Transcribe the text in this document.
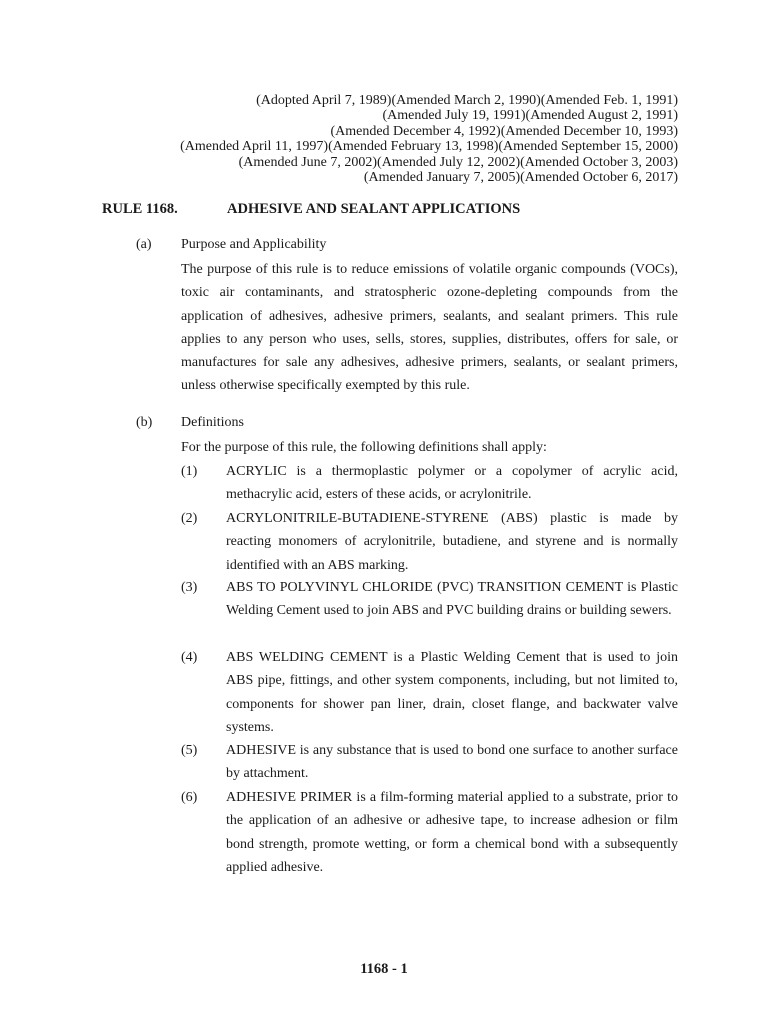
(Adopted April 7, 1989)(Amended March 2, 1990)(Amended Feb. 1, 1991)
(Amended July 19, 1991)(Amended August 2, 1991)
(Amended December 4, 1992)(Amended December 10, 1993)
(Amended April 11, 1997)(Amended February 13, 1998)(Amended September 15, 2000)
(Amended June 7, 2002)(Amended July 12, 2002)(Amended October 3, 2003)
(Amended January 7, 2005)(Amended October 6, 2017)
RULE 1168.	ADHESIVE AND SEALANT APPLICATIONS
(a) Purpose and Applicability
The purpose of this rule is to reduce emissions of volatile organic compounds (VOCs), toxic air contaminants, and stratospheric ozone-depleting compounds from the application of adhesives, adhesive primers, sealants, and sealant primers. This rule applies to any person who uses, sells, stores, supplies, distributes, offers for sale, or manufactures for sale any adhesives, adhesive primers, sealants, or sealant primers, unless otherwise specifically exempted by this rule.
(b) Definitions
For the purpose of this rule, the following definitions shall apply:
(1) ACRYLIC is a thermoplastic polymer or a copolymer of acrylic acid, methacrylic acid, esters of these acids, or acrylonitrile.
(2) ACRYLONITRILE-BUTADIENE-STYRENE (ABS) plastic is made by reacting monomers of acrylonitrile, butadiene, and styrene and is normally identified with an ABS marking.
(3) ABS TO POLYVINYL CHLORIDE (PVC) TRANSITION CEMENT is Plastic Welding Cement used to join ABS and PVC building drains or building sewers.
(4) ABS WELDING CEMENT is a Plastic Welding Cement that is used to join ABS pipe, fittings, and other system components, including, but not limited to, components for shower pan liner, drain, closet flange, and backwater valve systems.
(5) ADHESIVE is any substance that is used to bond one surface to another surface by attachment.
(6) ADHESIVE PRIMER is a film-forming material applied to a substrate, prior to the application of an adhesive or adhesive tape, to increase adhesion or film bond strength, promote wetting, or form a chemical bond with a subsequently applied adhesive.
1168 - 1
